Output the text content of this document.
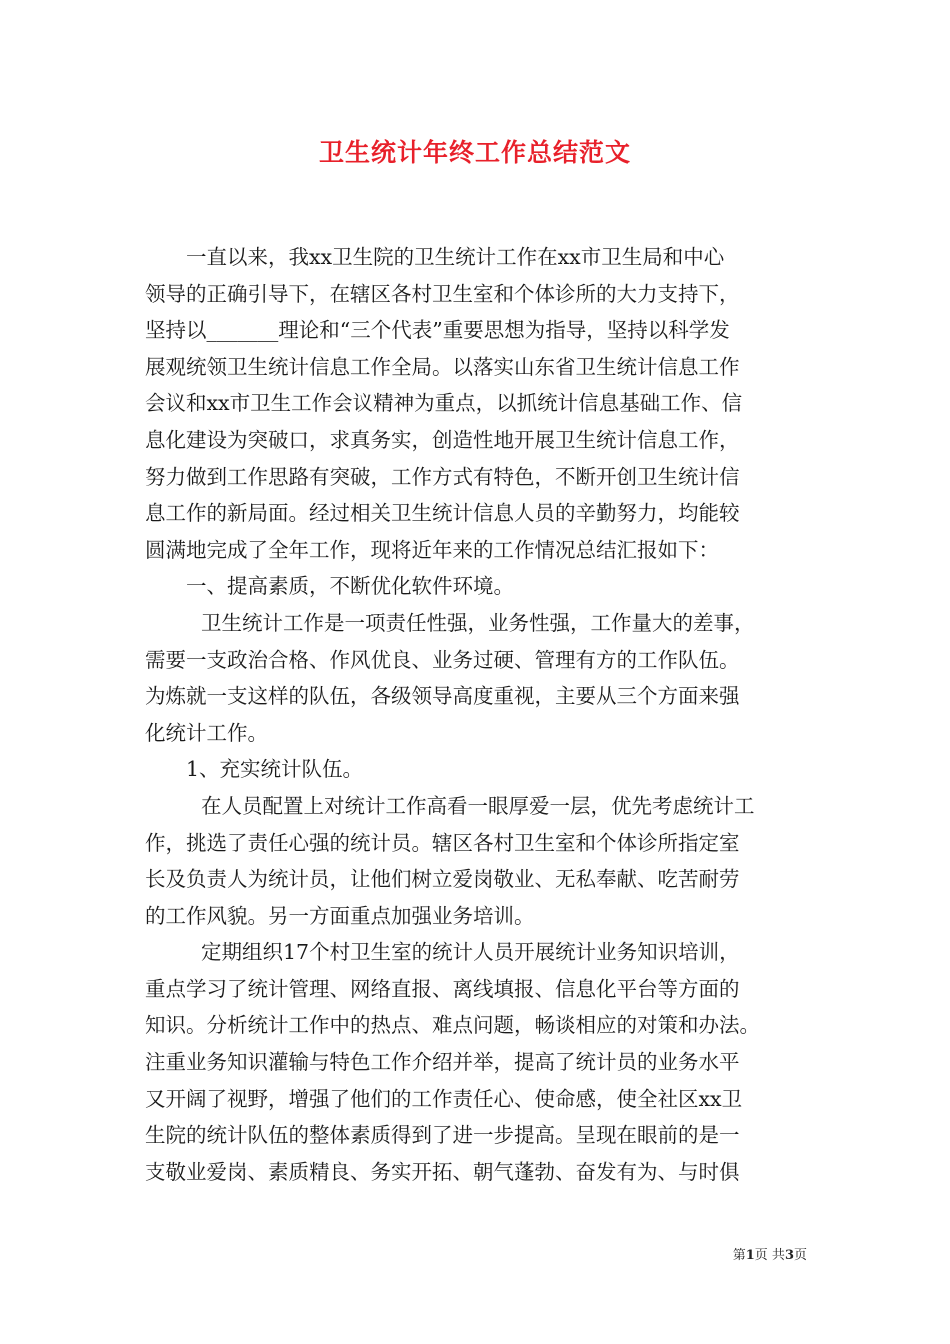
卫生统计年终工作总结范文
一直以来，我xx卫生院的卫生统计工作在xx市卫生局和中心
领导的正确引导下，在辖区各村卫生室和个体诊所的大力支持下，
坚持以_______理论和“三个代表”重要思想为指导，坚持以科学发
展观统领卫生统计信息工作全局。以落实山东省卫生统计信息工作
会议和xx市卫生工作会议精神为重点，以抓统计信息基础工作、信
息化建设为突破口，求真务实，创造性地开展卫生统计信息工作，
努力做到工作思路有突破，工作方式有特色，不断开创卫生统计信
息工作的新局面。经过相关卫生统计信息人员的辛勤努力，均能较
圆满地完成了全年工作，现将近年来的工作情况总结汇报如下：
一、提高素质，不断优化软件环境。
卫生统计工作是一项责任性强，业务性强，工作量大的差事，
需要一支政治合格、作风优良、业务过硬、管理有方的工作队伍。
为炼就一支这样的队伍，各级领导高度重视，主要从三个方面来强
化统计工作。
1、充实统计队伍。
在人员配置上对统计工作高看一眼厚爱一层，优先考虑统计工
作，挑选了责任心强的统计员。辖区各村卫生室和个体诊所指定室
长及负责人为统计员，让他们树立爱岗敬业、无私奉献、吃苦耐劳
的工作风貌。另一方面重点加强业务培训。
定期组织17个村卫生室的统计人员开展统计业务知识培训，
重点学习了统计管理、网络直报、离线填报、信息化平台等方面的
知识。分析统计工作中的热点、难点问题，畅谈相应的对策和办法。
注重业务知识灌输与特色工作介绍并举，提高了统计员的业务水平
又开阔了视野，增强了他们的工作责任心、使命感，使全社区xx卫
生院的统计队伍的整体素质得到了进一步提高。呈现在眼前的是一
支敬业爱岗、素质精良、务实开拓、朝气蓬勃、奋发有为、与时俱
第1页 共3页
